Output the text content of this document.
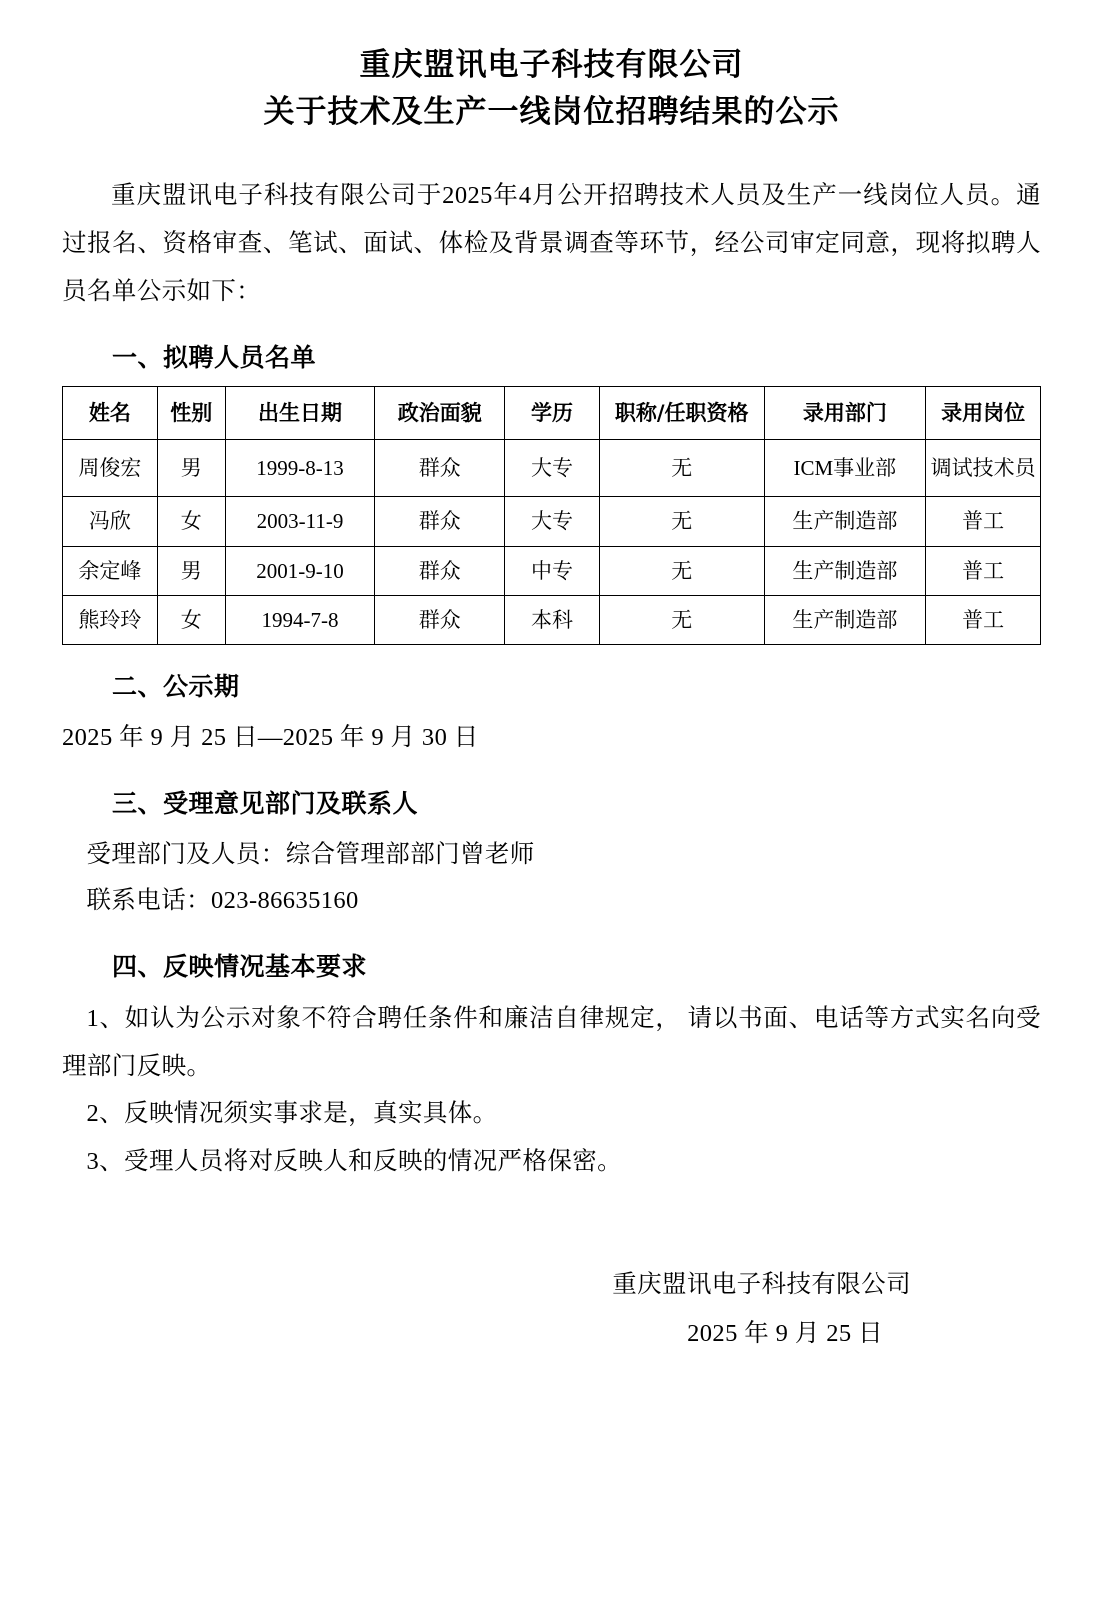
重庆盟讯电子科技有限公司
关于技术及生产一线岗位招聘结果的公示

重庆盟讯电子科技有限公司于2025年4月公开招聘技术人员及生产一线岗位人员。通过报名、资格审查、笔试、面试、体检及背景调查等环节，经公司审定同意，现将拟聘人员名单公示如下：

一、拟聘人员名单
姓名	性别	出生日期	政治面貌	学历	职称/任职资格	录用部门	录用岗位
周俊宏	男	1999-8-13	群众	大专	无	ICM事业部	调试技术员
冯欣	女	2003-11-9	群众	大专	无	生产制造部	普工
余定峰	男	2001-9-10	群众	中专	无	生产制造部	普工
熊玲玲	女	1994-7-8	群众	本科	无	生产制造部	普工
二、公示期

2025 年 9 月 25 日—2025 年 9 月 30 日

三、受理意见部门及联系人

受理部门及人员：综合管理部部门曾老师

联系电话：023-86635160

四、反映情况基本要求

1、如认为公示对象不符合聘任条件和廉洁自律规定， 请以书面、电话等方式实名向受理部门反映。

2、反映情况须实事求是，真实具体。

3、受理人员将对反映人和反映的情况严格保密。

重庆盟讯电子科技有限公司
2025 年 9 月 25 日
